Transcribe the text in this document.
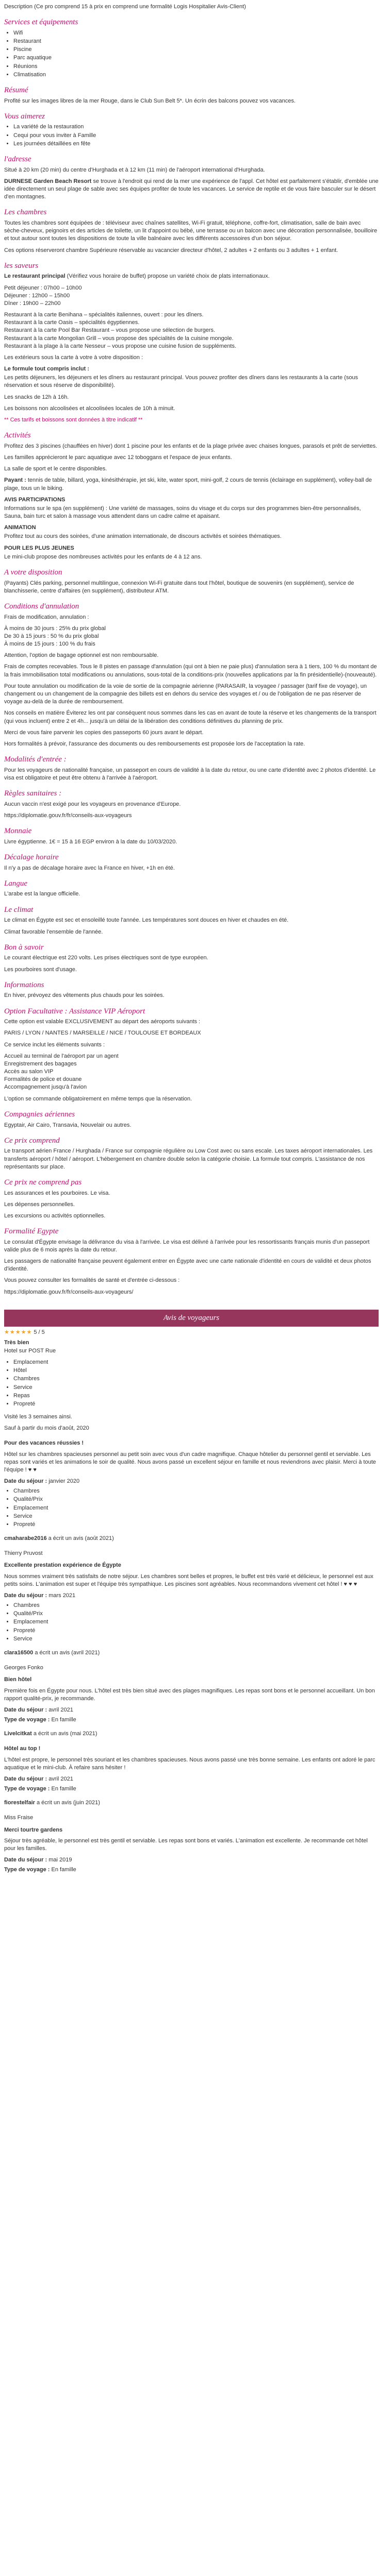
Description (Ce pro comprend 15 à prix en comprend une formalité Logis Hospitalier Avis-Client)

Services et équipements
• Wifi
• Restaurant
• Piscine
• Parc aquatique
• Réunions
• Climatisation
Résumé

Profité sur les images libres de la mer Rouge, dans le Club Sun Belt 5*. Un écrin des balcons pouvez vos vacances.

Vous aimerez
• La variété de la restauration
• Cequi pour vous inviter à Famille
• Les journées détaillées en fête
l'adresse

Situé à 20 km (20 min) du centre d'Hurghada et à 12 km (11 min) de l'aéroport international d'Hurghada.

DURNESE Garden Beach Resort se trouve à l'endroit qui rend de la mer une expérience de l'appl. Cet hôtel est parfaitement s'établir, d'emblée une idée directement un seul plage de sable avec ses équipes profiter de toute les vacances. Le service de reptile et de vous faire basculer sur le désert d'en montagnes.

Les chambres

Toutes les chambres sont équipées de : téléviseur avec chaînes satellites, Wi-Fi gratuit, téléphone, coffre-fort, climatisation, salle de bain avec sèche-cheveux, peignoirs et des articles de toilette, un lit d'appoint ou bébé, une terrasse ou un balcon avec une décoration personnalisée, bouilloire et tout autour sont toutes les dispositions de toute la ville balnéaire avec les différents accessoires d'un bon séjour.

Ces options réserveront chambre Supérieure réservable au vacancier directeur d'hôtel, 2 adultes + 2 enfants ou 3 adultes + 1 enfant.

les saveurs

Le restaurant principal (Vérifiez vous horaire de buffet) propose un variété choix de plats internationaux.

Petit déjeuner : 07h00 – 10h00
Déjeuner : 12h00 – 15h00
Dîner : 19h00 – 22h00

Restaurant à la carte Benihana – spécialités italiennes, ouvert : pour les dîners.
Restaurant à la carte Oasis – spécialités égyptiennes.
Restaurant à la carte Pool Bar Restaurant – vous propose une sélection de burgers.
Restaurant à la carte Mongolian Grill – vous propose des spécialités de la cuisine mongole.
Restaurant à la plage à la carte Nesseur – vous propose une cuisine fusion de suppléments.

Les extérieurs sous la carte à votre à votre disposition :

Le formule tout compris inclut :

Les petits déjeuners, les déjeuners et les dîners au restaurant principal. Vous pouvez profiter des dîners dans les restaurants à la carte (sous réservation et sous réserve de disponibilité).

Les snacks de 12h à 16h.

Les boissons non alcoolisées et alcoolisées locales de 10h à minuit.

** Ces tarifs et boissons sont données à titre indicatif **

Activités

Profitez des 3 piscines (chauffées en hiver) dont 1 piscine pour les enfants et de la plage privée avec chaises longues, parasols et prêt de serviettes.

Les familles apprécieront le parc aquatique avec 12 toboggans et l'espace de jeux enfants.

La salle de sport et le centre disponibles.

Payant : tennis de table, billard, yoga, kinésithérapie, jet ski, kite, water sport, mini-golf, 2 cours de tennis (éclairage en supplément), volley-ball de plage, tous un le biking.

AVIS PARTICIPATIONS

Informations sur le spa (en supplément) : Une variété de massages, soins du visage et du corps sur des programmes bien-être personnalisés, Sauna, bain turc et salon à massage vous attendent dans un cadre calme et apaisant.

ANIMATION

Profitez tout au cours des soirées, d'une animation internationale, de discours activités et soirées thématiques.

POUR LES PLUS JEUNES

Le mini-club propose des nombreuses activités pour les enfants de 4 à 12 ans.

A votre disposition

(Payants) Clés parking, personnel multilingue, connexion Wi-Fi gratuite dans tout l'hôtel, boutique de souvenirs (en supplément), service de blanchisserie, centre d'affaires (en supplément), distributeur ATM.

Conditions d'annulation

Frais de modification, annulation :

À moins de 30 jours : 25% du prix global
De 30 à 15 jours : 50 % du prix global
À moins de 15 jours : 100 % du frais

Attention, l'option de bagage optionnel est non remboursable.

Frais de comptes recevables. Tous le 8 pistes en passage d'annulation (qui ont à bien ne paie plus) d'annulation sera à 1 tiers, 100 % du montant de la frais immobilisation total modifications ou annulations, sous-total de la conditions-prix (nouvelles applications par la fin présidentielle)-(nouveauté).

Pour toute annulation ou modification de la voie de sortie de la compagnie aérienne (PARASAIR, la voyagee / passager (tarif fixe de voyage), un changement ou un changement de la compagnie des billets est en dehors du service des voyages et / ou de l'obligation de ne pas réserver de voyage au-delà de la durée de remboursement.

Nos conseils en matière Éviterez les ont par conséquent nous sommes dans les cas en avant de toute la réserve et les changements de la transport (qui vous incluent) entre 2 et 4h... jusqu'à un délai de la libération des conditions définitives du planning de prix.

Merci de vous faire parvenir les copies des passeports 60 jours avant le départ.

Hors formalités à prévoir, l'assurance des documents ou des remboursements est proposée lors de l'acceptation la rate.

Modalités d'entrée :

Pour les voyageurs de nationalité française, un passeport en cours de validité à la date du retour, ou une carte d'identité avec 2 photos d'identité. Le visa est obligatoire et peut être obtenu à l'arrivée à l'aéroport.

Règles sanitaires :

Aucun vaccin n'est exigé pour les voyageurs en provenance d'Europe.

https://diplomatie.gouv.fr/fr/conseils-aux-voyageurs

Monnaie

Livre égyptienne. 1€ = 15 à 16 EGP environ à la date du 10/03/2020.

Décalage horaire

Il n'y a pas de décalage horaire avec la France en hiver, +1h en été.

Langue

L'arabe est la langue officielle.

Le climat

Le climat en Égypte est sec et ensoleillé toute l'année. Les températures sont douces en hiver et chaudes en été.

Climat favorable l'ensemble de l'année.

Bon à savoir

Le courant électrique est 220 volts. Les prises électriques sont de type européen.

Les pourboires sont d'usage.

Informations

En hiver, prévoyez des vêtements plus chauds pour les soirées.

Option Facultative : Assistance VIP Aéroport

Cette option est valable EXCLUSIVEMENT au départ des aéroports suivants :

PARIS / LYON / NANTES / MARSEILLE / NICE / TOULOUSE ET BORDEAUX

Ce service inclut les éléments suivants :

Accueil au terminal de l'aéroport par un agent
Enregistrement des bagages
Accès au salon VIP
Formalités de police et douane
Accompagnement jusqu'à l'avion

L'option se commande obligatoirement en même temps que la réservation.

Compagnies aériennes

Egyptair, Air Cairo, Transavia, Nouvelair ou autres.

Ce prix comprend

Le transport aérien France / Hurghada / France sur compagnie régulière ou Low Cost avec ou sans escale. Les taxes aéroport internationales. Les transferts aéroport / hôtel / aéroport. L'hébergement en chambre double selon la catégorie choisie. La formule tout compris. L'assistance de nos représentants sur place.

Ce prix ne comprend pas

Les assurances et les pourboires. Le visa.

Les dépenses personnelles.

Les excursions ou activités optionnelles.

Formalité Egypte

Le consulat d'Égypte envisage la délivrance du visa à l'arrivée. Le visa est délivré à l'arrivée pour les ressortissants français munis d'un passeport valide plus de 6 mois après la date du retour.

Les passagers de nationalité française peuvent également entrer en Égypte avec une carte nationale d'identité en cours de validité et deux photos d'identité.

Vous pouvez consulter les formalités de santé et d'entrée ci-dessous :

https://diplomatie.gouv.fr/fr/conseils-aux-voyageurs/

Avis de voyageurs
★★★★★ 5 / 5

Très bien

Hotel sur POST Rue

• Emplacement
• Hôtel
• Chambres
• Service
• Repas
• Propreté

Visité les 3 semaines ainsi.

Sauf à partir du mois d'août, 2020

Pour des vacances réussies !

Hôtel sur les chambres spacieuses personnel au petit soin avec vous d'un cadre magnifique. Chaque hôtelier du personnel gentil et serviable. Les repas sont variés et les animations le soir de qualité. Nous avons passé un excellent séjour en famille et nous reviendrons avec plaisir. Merci à toute l'équipe ! ♥ ♥

Date du séjour : janvier 2020

• Chambres
• Qualité/Prix
• Emplacement
• Service
• Propreté

cmaharabe2016 a écrit un avis (août 2021)

Thierry Pruvost

Excellente prestation expérience de Égypte

Nous sommes vraiment très satisfaits de notre séjour. Les chambres sont belles et propres, le buffet est très varié et délicieux, le personnel est aux petits soins. L'animation est super et l'équipe très sympathique. Les piscines sont agréables. Nous recommandons vivement cet hôtel ! ♥ ♥ ♥

Date du séjour : mars 2021

• Chambres
• Qualité/Prix
• Emplacement
• Propreté
• Service

clara16500 a écrit un avis (avril 2021)

Georges Fonko

Bien hôtel

Première fois en Égypte pour nous. L'hôtel est très bien situé avec des plages magnifiques. Les repas sont bons et le personnel accueillant. Un bon rapport qualité-prix, je recommande.

Date du séjour : avril 2021

Type de voyage : En famille

Livelcitkat a écrit un avis (mai 2021)

Hôtel au top !

L'hôtel est propre, le personnel très souriant et les chambres spacieuses. Nous avons passé une très bonne semaine. Les enfants ont adoré le parc aquatique et le mini-club. À refaire sans hésiter !

Date du séjour : avril 2021

Type de voyage : En famille

fiorestelfair a écrit un avis (juin 2021)

Miss Fraise

Merci tourtre gardens

Séjour très agréable, le personnel est très gentil et serviable. Les repas sont bons et variés. L'animation est excellente. Je recommande cet hôtel pour les familles.

Date du séjour : mai 2019

Type de voyage : En famille
